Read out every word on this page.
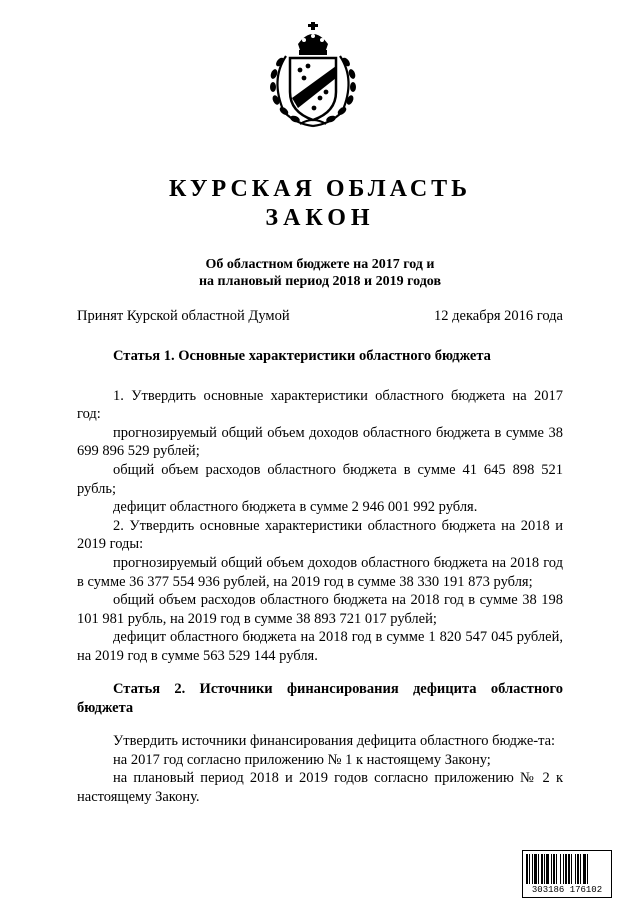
КУРСКАЯ ОБЛАСТЬ
ЗАКОН
Об областном бюджете на 2017 год и
на плановый период 2018 и 2019 годов
Принят Курской областной Думой	12 декабря 2016 года

Статья 1. Основные характеристики областного бюджета

1. Утвердить основные характеристики областного бюджета на 2017 год:

прогнозируемый общий объем доходов областного бюджета в сумме 38 699 896 529 рублей;

общий объем расходов областного бюджета в сумме 41 645 898 521 рубль;

дефицит областного бюджета в сумме 2 946 001 992 рубля.

2. Утвердить основные характеристики областного бюджета на 2018 и 2019 годы:

прогнозируемый общий объем доходов областного бюджета на 2018 год в сумме 36 377 554 936 рублей, на 2019 год в сумме 38 330 191 873 рубля;

общий объем расходов областного бюджета на 2018 год в сумме 38 198 101 981 рубль, на 2019 год в сумме 38 893 721 017 рублей;

дефицит областного бюджета на 2018 год в сумме 1 820 547 045 рублей, на 2019 год в сумме 563 529 144 рубля.

Статья 2. Источники финансирования дефицита областного бюджета

Утвердить источники финансирования дефицита областного бюдже-та:

на 2017 год согласно приложению № 1 к настоящему Закону;

на плановый период 2018 и 2019 годов согласно приложению № 2 к настоящему Закону.

303186 176102
